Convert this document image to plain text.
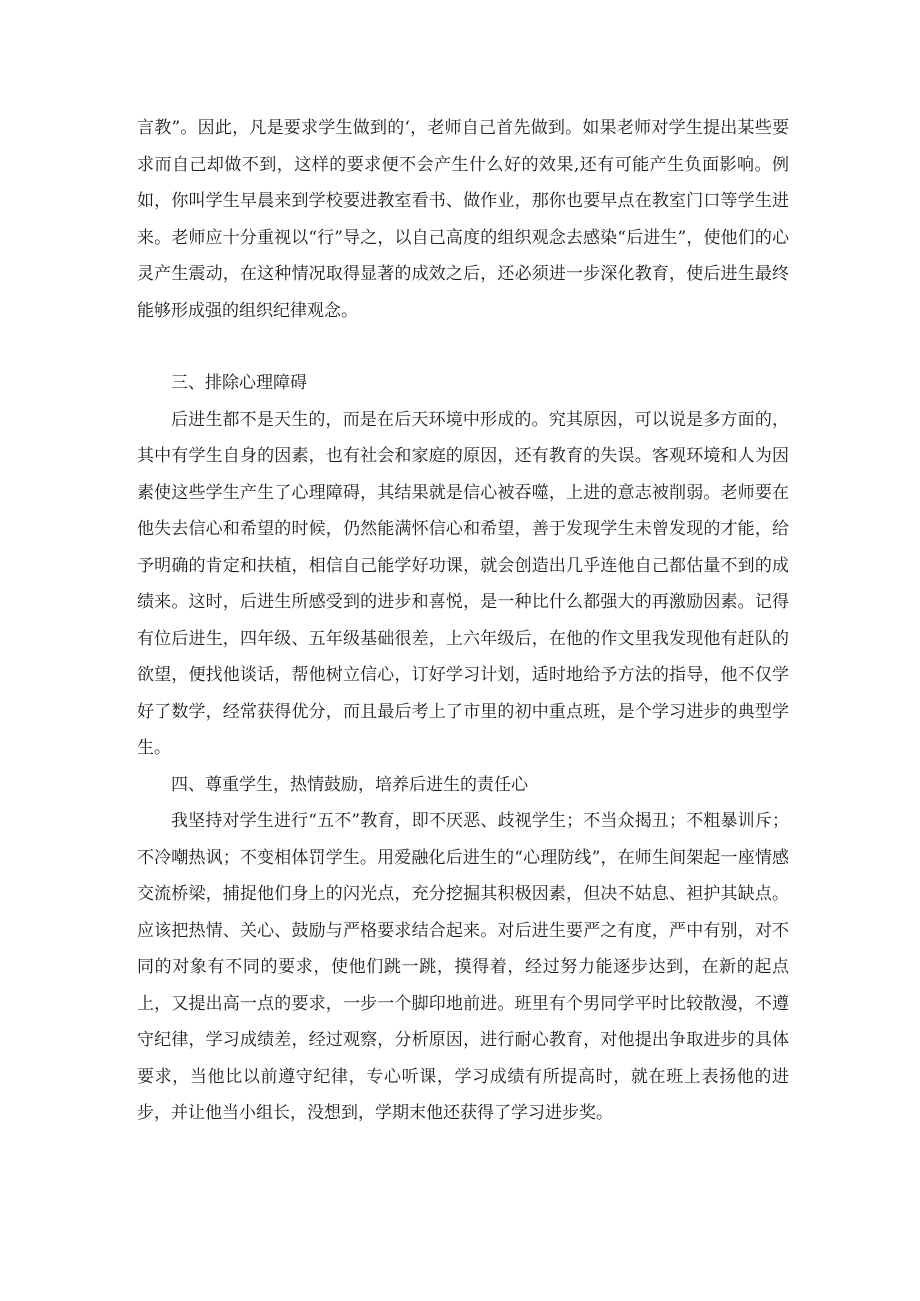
言教”。因此，凡是要求学生做到的‘，老师自己首先做到。如果老师对学生提出某些要求而自己却做不到，这样的要求便不会产生什么好的效果,还有可能产生负面影响。例如，你叫学生早晨来到学校要进教室看书、做作业，那你也要早点在教室门口等学生进来。老师应十分重视以“行”导之，以自己高度的组织观念去感染“后进生”，使他们的心灵产生震动，在这种情况取得显著的成效之后，还必须进一步深化教育，使后进生最终能够形成强的组织纪律观念。

三、排除心理障碍

后进生都不是天生的，而是在后天环境中形成的。究其原因，可以说是多方面的，其中有学生自身的因素，也有社会和家庭的原因，还有教育的失误。客观环境和人为因素使这些学生产生了心理障碍，其结果就是信心被吞噬，上进的意志被削弱。老师要在他失去信心和希望的时候，仍然能满怀信心和希望，善于发现学生未曾发现的才能，给予明确的肯定和扶植，相信自己能学好功课，就会创造出几乎连他自己都估量不到的成绩来。这时，后进生所感受到的进步和喜悦，是一种比什么都强大的再激励因素。记得有位后进生，四年级、五年级基础很差，上六年级后，在他的作文里我发现他有赶队的欲望，便找他谈话，帮他树立信心，订好学习计划，适时地给予方法的指导，他不仅学好了数学，经常获得优分，而且最后考上了市里的初中重点班，是个学习进步的典型学生。

四、尊重学生，热情鼓励，培养后进生的责任心

我坚持对学生进行“五不”教育，即不厌恶、歧视学生；不当众揭丑；不粗暴训斥；不冷嘲热讽；不变相体罚学生。用爱融化后进生的“心理防线”，在师生间架起一座情感交流桥梁，捕捉他们身上的闪光点，充分挖掘其积极因素，但决不姑息、袒护其缺点。应该把热情、关心、鼓励与严格要求结合起来。对后进生要严之有度，严中有别，对不同的对象有不同的要求，使他们跳一跳，摸得着，经过努力能逐步达到，在新的起点上，又提出高一点的要求，一步一个脚印地前进。班里有个男同学平时比较散漫，不遵守纪律，学习成绩差，经过观察，分析原因，进行耐心教育，对他提出争取进步的具体要求，当他比以前遵守纪律，专心听课，学习成绩有所提高时，就在班上表扬他的进步，并让他当小组长，没想到，学期末他还获得了学习进步奖。
